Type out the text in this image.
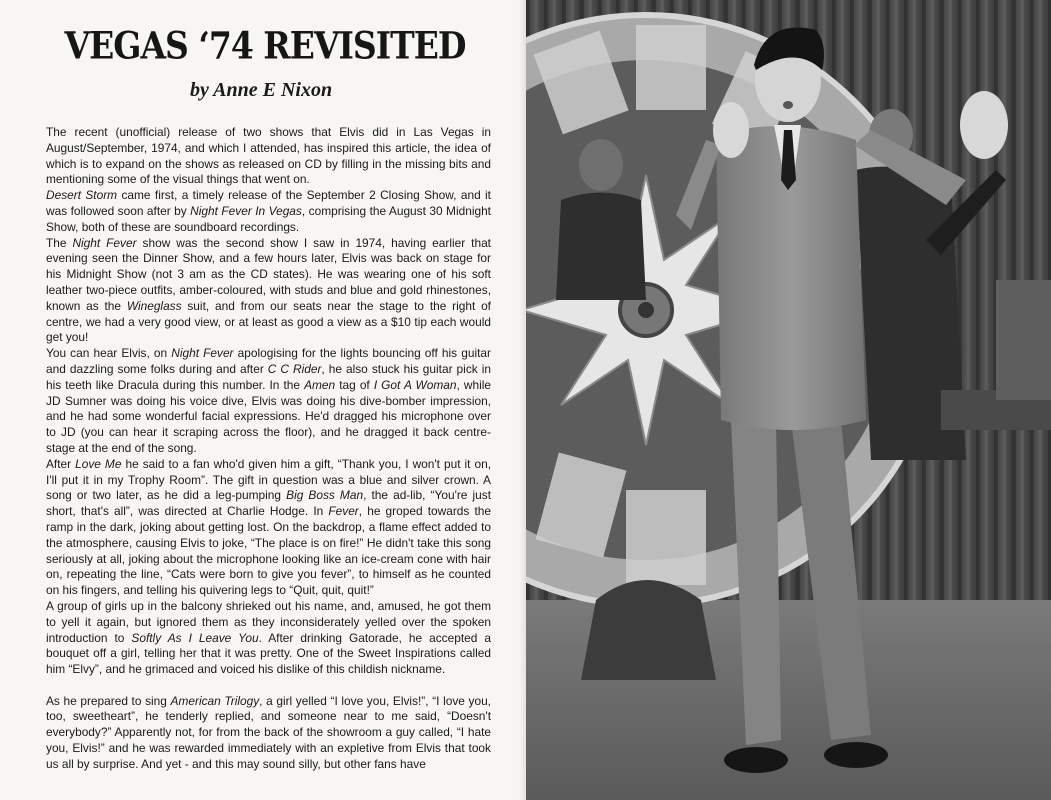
VEGAS ‘74 REVISITED
by Anne E Nixon

The recent (unofficial) release of two shows that Elvis did in Las Vegas in August/September, 1974, and which I attended, has inspired this article, the idea of which is to expand on the shows as released on CD by filling in the missing bits and mentioning some of the visual things that went on.

Desert Storm came first, a timely release of the September 2 Closing Show, and it was followed soon after by Night Fever In Vegas, comprising the August 30 Midnight Show, both of these are soundboard recordings.

The Night Fever show was the second show I saw in 1974, having earlier that evening seen the Dinner Show, and a few hours later, Elvis was back on stage for his Midnight Show (not 3 am as the CD states). He was wearing one of his soft leather two-piece outfits, amber-coloured, with studs and blue and gold rhinestones, known as the Wineglass suit, and from our seats near the stage to the right of centre, we had a very good view, or at least as good a view as a $10 tip each would get you!

You can hear Elvis, on Night Fever apologising for the lights bouncing off his guitar and dazzling some folks during and after C C Rider, he also stuck his guitar pick in his teeth like Dracula during this number. In the Amen tag of I Got A Woman, while JD Sumner was doing his voice dive, Elvis was doing his dive-bomber impression, and he had some wonderful facial expressions. He'd dragged his microphone over to JD (you can hear it scraping across the floor), and he dragged it back centre-stage at the end of the song.

After Love Me he said to a fan who'd given him a gift, “Thank you, I won't put it on, I'll put it in my Trophy Room”. The gift in question was a blue and silver crown. A song or two later, as he did a leg-pumping Big Boss Man, the ad-lib, “You're just short, that's all”, was directed at Charlie Hodge. In Fever, he groped towards the ramp in the dark, joking about getting lost. On the backdrop, a flame effect added to the atmosphere, causing Elvis to joke, “The place is on fire!” He didn't take this song seriously at all, joking about the microphone looking like an ice-cream cone with hair on, repeating the line, “Cats were born to give you fever”, to himself as he counted on his fingers, and telling his quivering legs to “Quit, quit, quit!”

A group of girls up in the balcony shrieked out his name, and, amused, he got them to yell it again, but ignored them as they inconsiderately yelled over the spoken introduction to Softly As I Leave You. After drinking Gatorade, he accepted a bouquet off a girl, telling her that it was pretty. One of the Sweet Inspirations called him “Elvy”, and he grimaced and voiced his dislike of this childish nickname.

As he prepared to sing American Trilogy, a girl yelled “I love you, Elvis!”, “I love you, too, sweetheart”, he tenderly replied, and someone near to me said, “Doesn't everybody?” Apparently not, for from the back of the showroom a guy called, “I hate you, Elvis!” and he was rewarded immediately with an expletive from Elvis that took us all by surprise. And yet - and this may sound silly, but other fans have
